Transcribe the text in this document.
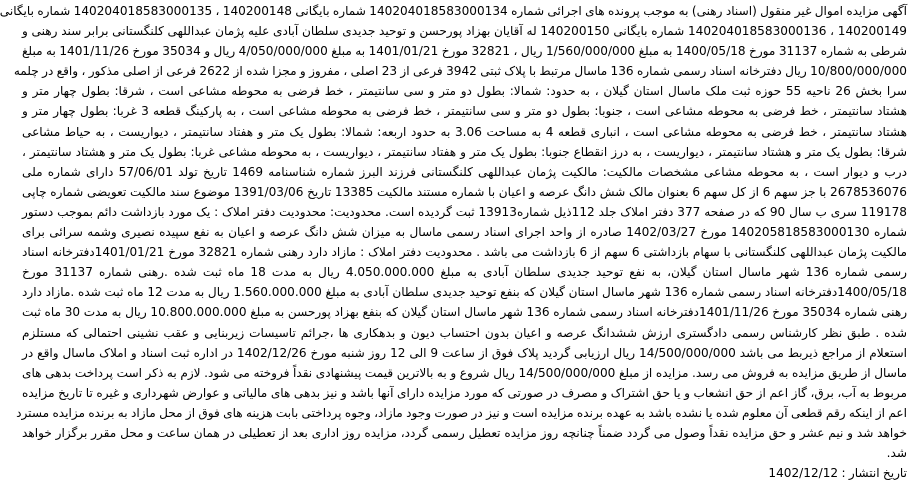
آگهی مزایده اموال غیر منقول (اسناد رهنی) به موجب پرونده های اجرائی شماره 140204018583000134 شماره بایگانی 140200148 ، 140204018583000135 شماره بایگانی
140200149 ، 140204018583000136 شماره بایگانی 140200150 له آقایان بهزاد پورحسن و توحید جدیدی سلطان آبادی علیه پژمان عبداللهی کلنگستانی برابر سند رهنی و
شرطی به شماره 31137 مورخ 1400/05/18 به مبلغ 1/560/000/000 ریال ، 32821 مورخ 1401/01/21 به مبلغ 4/050/000/000 ریال و 35034 مورخ 1401/11/26 به مبلغ
10/800/000/000 ریال دفترخانه اسناد رسمی شماره 136 ماسال مرتبط با پلاک ثبتی 3942 فرعی از 23 اصلی ، مفروز و مجزا شده از 2622 فرعی از اصلی مذکور ، واقع در چلمه
سرا بخش 26 ناحیه 55 حوزه ثبت ملک ماسال استان گیلان ، به حدود: شمالا: بطول دو متر و سی سانتیمتر ، خط فرضی به محوطه مشاعی است ، شرقا: بطول چهار متر و
هشتاد سانتیمتر ، خط فرضی به محوطه مشاعی است ، جنوبا: بطول دو متر و سی سانتیمتر ، خط فرضی به محوطه مشاعی است ، به پارکینگ قطعه 3 غربا: بطول چهار متر و
هشتاد سانتیمتر ، خط فرضی به محوطه مشاعی است ، انباری قطعه 4 به مساحت 3.06 به حدود اربعه: شمالا: بطول یک متر و هفتاد سانتیمتر ، دیواریست ، به حیاط مشاعی
شرقا: بطول یک متر و هشتاد سانتیمتر ، دیواریست ، به درز انقطاع جنوبا: بطول یک متر و هفتاد سانتیمتر ، دیواریست ، به محوطه مشاعی غربا: بطول یک متر و هشتاد سانتیمتر ،
درب و دیوار است ، به محوطه مشاعی مشخصات مالکیت: مالکیت پژمان عبداللهی کلنگستانی فرزند البرز شماره شناسنامه 1469 تاریخ تولد 57/06/01 دارای شماره ملی
2678536076 با جز سهم 6 از کل سهم 6 بعنوان مالک شش دانگ عرصه و اعیان با شماره مستند مالکیت 13385 تاریخ 1391/03/06 موضوع سند مالکیت تعویضی شماره چاپی
119178 سری ب سال 90 که در صفحه 377 دفتر املاک جلد 112ذیل شماره13913 ثبت گردیده است. محدودیت: محدودیت دفتر املاک : یک مورد بازداشت دائم بموجب دستور
شماره 140205818583000130 مورخ 1402/03/27 صادره از واحد اجرای اسناد رسمی ماسال به میزان شش دانگ عرصه و اعیان به نفع سپیده نصیری وشمه سرائی برای
مالکیت پژمان عبداللهی کلنگستانی با سهام بازداشتی 6 سهم از 6 بازداشت می باشد . محدودیت دفتر املاک : مازاد دارد رهنی شماره 32821 مورخ 1401/01/21دفترخانه اسناد
رسمی شماره 136 شهر ماسال استان گیلان، به نفع توحید جدیدی سلطان آبادی به مبلغ 4.050.000.000 ریال به مدت 18 ماه ثبت شده .رهنی شماره 31137 مورخ
1400/05/18دفترخانه اسناد رسمی شماره 136 شهر ماسال استان گیلان که بنفع توحید جدیدی سلطان آبادی به مبلغ 1.560.000.000 ریال به مدت 12 ماه ثبت شده .مازاد دارد
رهنی شماره 35034 مورخ 1401/11/26دفترخانه اسناد رسمی شماره 136 شهر ماسال استان گیلان که بنفع بهزاد پورحسن به مبلغ 10.800.000.000 ریال به مدت 30 ماه ثبت
شده . طبق نظر کارشناس رسمی دادگستری ارزش ششدانگ عرصه و اعیان بدون احتساب دیون و بدهکاری ها ،جرائم تاسیسات زیربنایی و عقب نشینی احتمالی که مستلزم
استعلام از مراجع ذیربط می باشد 14/500/000/000 ریال ارزیابی گردید پلاک فوق از ساعت 9 الی 12 روز شنبه مورخ 1402/12/26 در اداره ثبت اسناد و املاک ماسال واقع در
ماسال از طریق مزایده به فروش می رسد. مزایده از مبلغ 14/500/000/000 ریال شروع و به بالاترین قیمت پیشنهادی نقداً فروخته می شود. لازم به ذکر است پرداخت بدهی های
مربوط به آب، برق، گاز اعم از حق انشعاب و یا حق اشتراک و مصرف در صورتی که مورد مزایده دارای آنها باشد و نیز بدهی های مالیاتی و عوارض شهرداری و غیره تا تاریخ مزایده
اعم از اینکه رقم قطعی آن معلوم شده یا نشده باشد به عهده برنده مزایده است و نیز در صورت وجود مازاد، وجوه پرداختی بابت هزینه های فوق از محل مازاد به برنده مزایده مسترد
خواهد شد و نیم عشر و حق مزایده نقداً وصول می گردد ضمناً چنانچه روز مزایده تعطیل رسمی گردد، مزایده روز اداری بعد از تعطیلی در همان ساعت و محل مقرر برگزار خواهد
شد.
تاریخ انتشار : 1402/12/12
